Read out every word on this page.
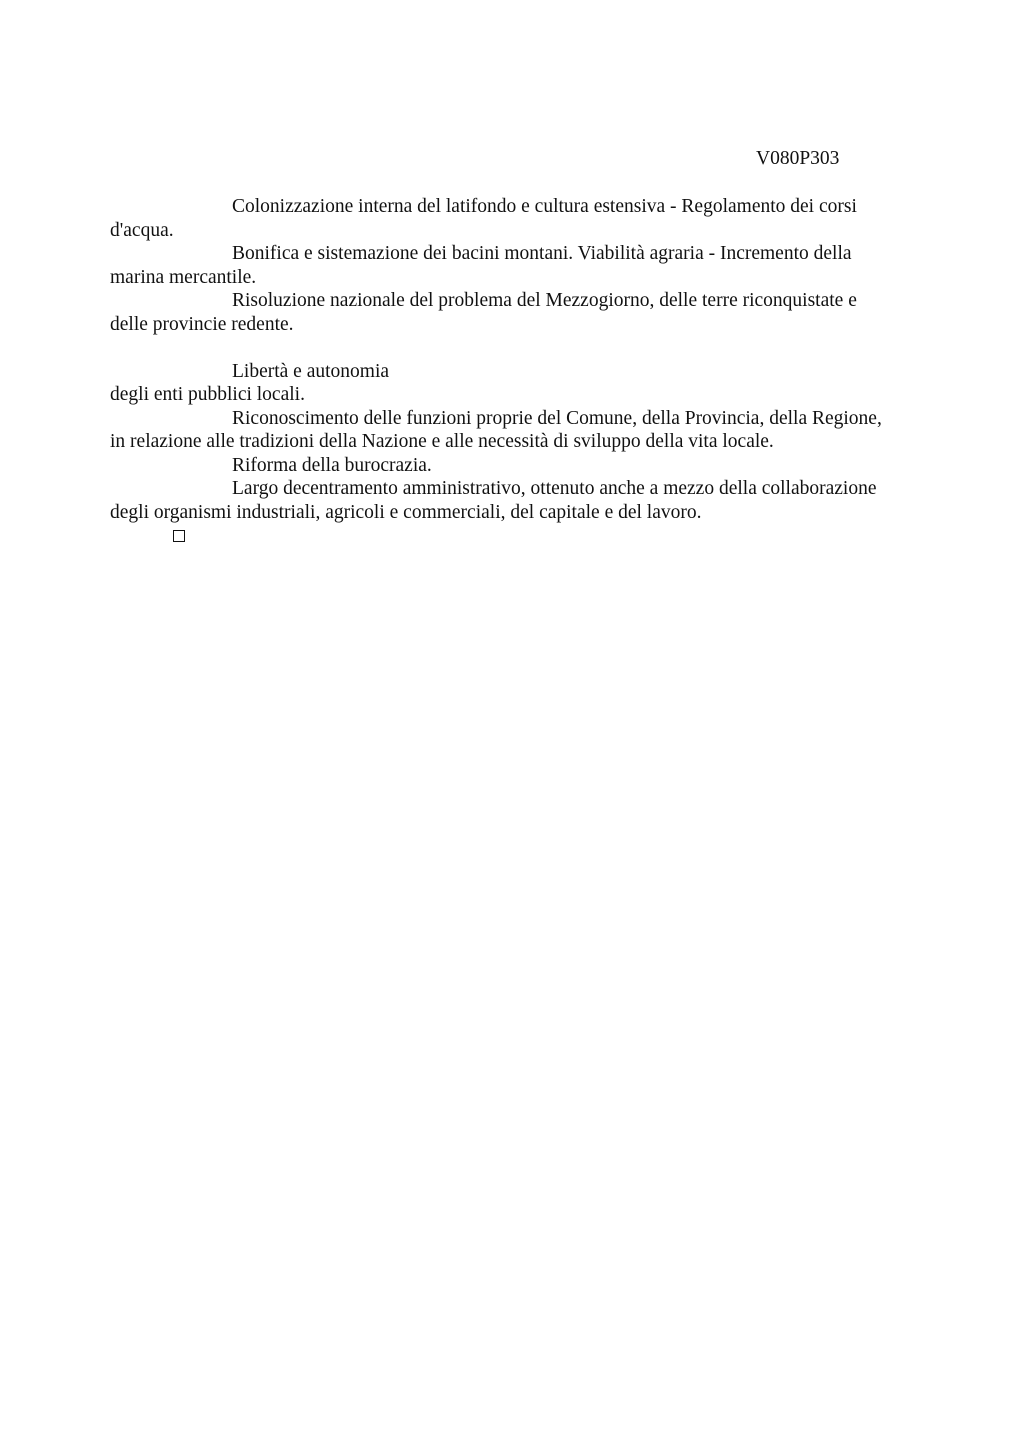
V080P303

Colonizzazione interna del latifondo e cultura estensiva - Regolamento dei corsi
d'acqua.

Bonifica e sistemazione dei bacini montani. Viabilità agraria - Incremento della
marina mercantile.

Risoluzione nazionale del problema del Mezzogiorno, delle terre riconquistate e
delle provincie redente.

Libertà e autonomia
degli enti pubblici locali.

Riconoscimento delle funzioni proprie del Comune, della Provincia, della Regione,
in relazione alle tradizioni della Nazione e alle necessità di sviluppo della vita locale.

Riforma della burocrazia.

Largo decentramento amministrativo, ottenuto anche a mezzo della collaborazione
degli organismi industriali, agricoli e commerciali, del capitale e del lavoro.
